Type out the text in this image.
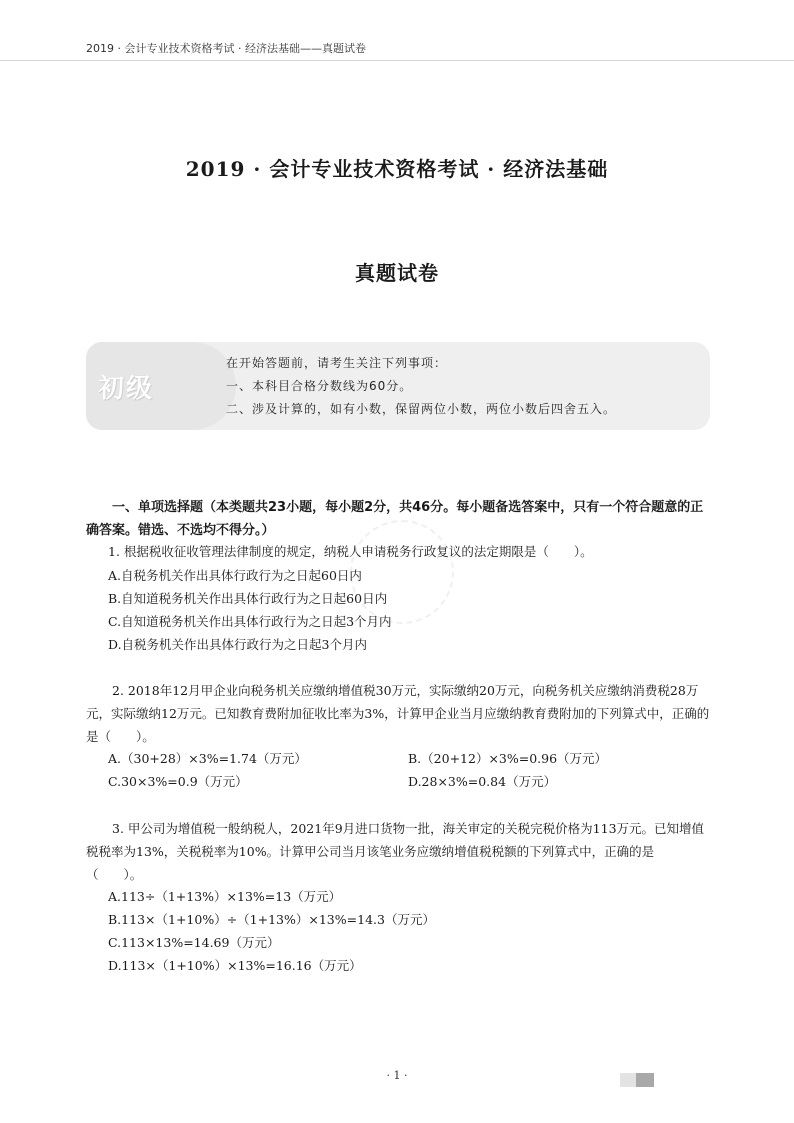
2019 · 会计专业技术资格考试 · 经济法基础——真题试卷
2019 · 会计专业技术资格考试 · 经济法基础
真题试卷
初级
在开始答题前，请考生关注下列事项：
一、本科目合格分数线为60分。
二、涉及计算的，如有小数，保留两位小数，两位小数后四舍五入。
一、单项选择题（本类题共23小题，每小题2分，共46分。每小题备选答案中，只有一个符合题意的正确答案。错选、不选均不得分。）
1. 根据税收征收管理法律制度的规定，纳税人申请税务行政复议的法定期限是（　　）。
A.自税务机关作出具体行政行为之日起60日内
B.自知道税务机关作出具体行政行为之日起60日内
C.自知道税务机关作出具体行政行为之日起3个月内
D.自税务机关作出具体行政行为之日起3个月内
2. 2018年12月甲企业向税务机关应缴纳增值税30万元，实际缴纳20万元，向税务机关应缴纳消费税28万元，实际缴纳12万元。已知教育费附加征收比率为3%，计算甲企业当月应缴纳教育费附加的下列算式中，正确的是（　　）。
A.（30+28）×3%=1.74（万元）	B.（20+12）×3%=0.96（万元）
C.30×3%=0.9（万元）	D.28×3%=0.84（万元）
3. 甲公司为增值税一般纳税人，2021年9月进口货物一批，海关审定的关税完税价格为113万元。已知增值税税率为13%，关税税率为10%。计算甲公司当月该笔业务应缴纳增值税税额的下列算式中，正确的是（　　）。
A.113÷（1+13%）×13%=13（万元）
B.113×（1+10%）÷（1+13%）×13%=14.3（万元）
C.113×13%=14.69（万元）
D.113×（1+10%）×13%=16.16（万元）
· 1 ·
